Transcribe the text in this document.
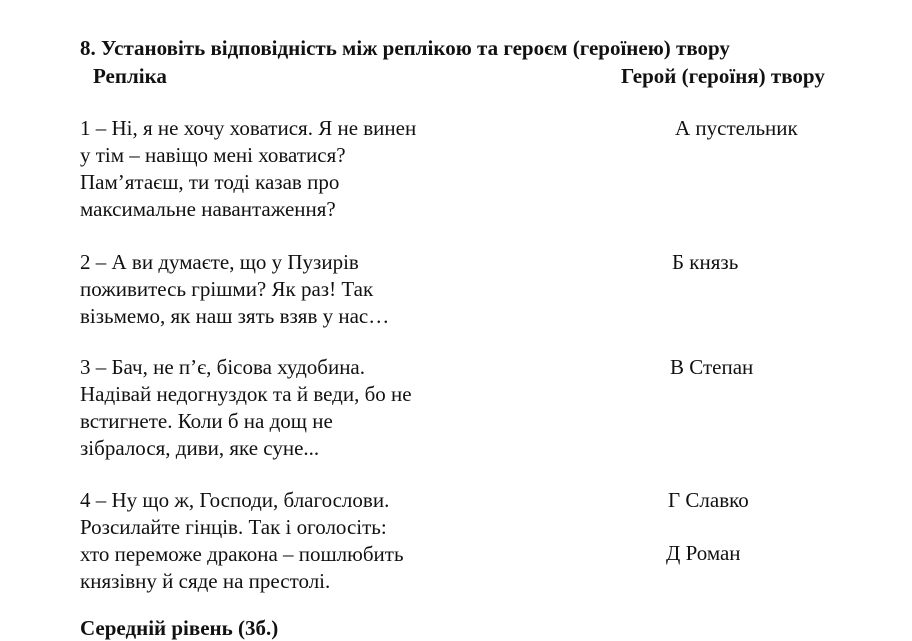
8. Установіть відповідність між реплікою та героєм (героїнею) твору
Репліка	Герой (героїня) твору
1 – Ні, я не хочу ховатися. Я не винен
у тім – навіщо мені ховатися?
Пам’ятаєш, ти тоді казав про
максимальне навантаження?
2 – А ви думаєте, що у Пузирів
поживитесь грішми? Як раз! Так
візьмемо, як наш зять взяв у нас…
3 – Бач, не п’є, бісова худобина.
Надівай недогнуздок та й веди, бо не
встигнете. Коли б на дощ не
зібралося, диви, яке суне...
4 – Ну що ж, Господи, благослови.
Розсилайте гінців. Так і оголосіть:
хто переможе дракона – пошлюбить
князівну й сяде на престолі.
А пустельник
Б князь
В Степан
Г Славко
Д Роман
Середній рівень (3б.)
